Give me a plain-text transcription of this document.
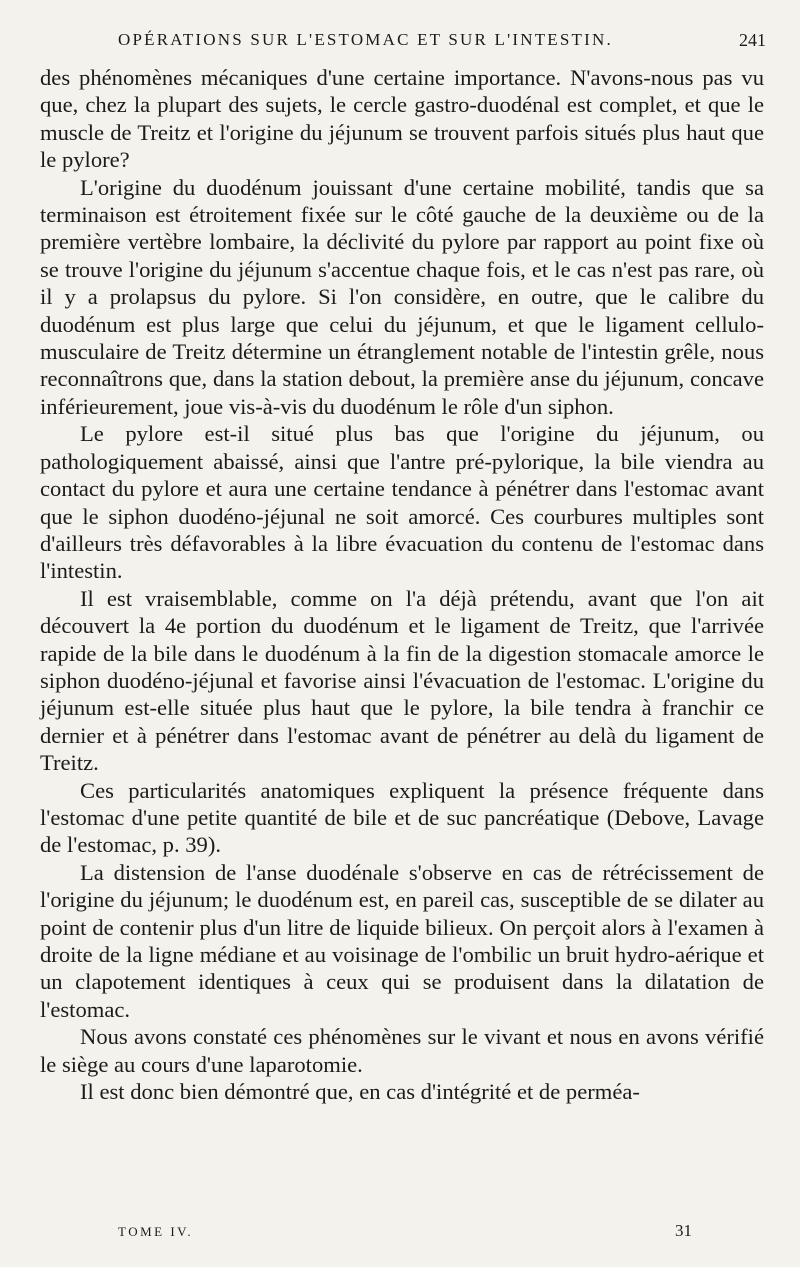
OPÉRATIONS SUR L'ESTOMAC ET SUR L'INTESTIN.	241

des phénomènes mécaniques d'une certaine importance. N'avons-nous pas vu que, chez la plupart des sujets, le cercle gastro-duodénal est complet, et que le muscle de Treitz et l'origine du jéjunum se trouvent parfois situés plus haut que le pylore?

L'origine du duodénum jouissant d'une certaine mobilité, tandis que sa terminaison est étroitement fixée sur le côté gauche de la deuxième ou de la première vertèbre lombaire, la déclivité du pylore par rapport au point fixe où se trouve l'origine du jéjunum s'accentue chaque fois, et le cas n'est pas rare, où il y a prolapsus du pylore. Si l'on considère, en outre, que le calibre du duodénum est plus large que celui du jéjunum, et que le ligament cellulo-musculaire de Treitz détermine un étranglement notable de l'intestin grêle, nous reconnaîtrons que, dans la station debout, la première anse du jéjunum, concave inférieurement, joue vis-à-vis du duodénum le rôle d'un siphon.

Le pylore est-il situé plus bas que l'origine du jéjunum, ou pathologiquement abaissé, ainsi que l'antre pré-pylorique, la bile viendra au contact du pylore et aura une certaine tendance à pénétrer dans l'estomac avant que le siphon duodéno-jéjunal ne soit amorcé. Ces courbures multiples sont d'ailleurs très défavorables à la libre évacuation du contenu de l'estomac dans l'intestin.

Il est vraisemblable, comme on l'a déjà prétendu, avant que l'on ait découvert la 4e portion du duodénum et le ligament de Treitz, que l'arrivée rapide de la bile dans le duodénum à la fin de la digestion stomacale amorce le siphon duodéno-jéjunal et favorise ainsi l'évacuation de l'estomac. L'origine du jéjunum est-elle située plus haut que le pylore, la bile tendra à franchir ce dernier et à pénétrer dans l'estomac avant de pénétrer au delà du ligament de Treitz.

Ces particularités anatomiques expliquent la présence fréquente dans l'estomac d'une petite quantité de bile et de suc pancréatique (Debove, Lavage de l'estomac, p. 39).

La distension de l'anse duodénale s'observe en cas de rétrécissement de l'origine du jéjunum; le duodénum est, en pareil cas, susceptible de se dilater au point de contenir plus d'un litre de liquide bilieux. On perçoit alors à l'examen à droite de la ligne médiane et au voisinage de l'ombilic un bruit hydro-aérique et un clapotement identiques à ceux qui se produisent dans la dilatation de l'estomac.

Nous avons constaté ces phénomènes sur le vivant et nous en avons vérifié le siège au cours d'une laparotomie.

Il est donc bien démontré que, en cas d'intégrité et de perméa-

TOME IV.	31
